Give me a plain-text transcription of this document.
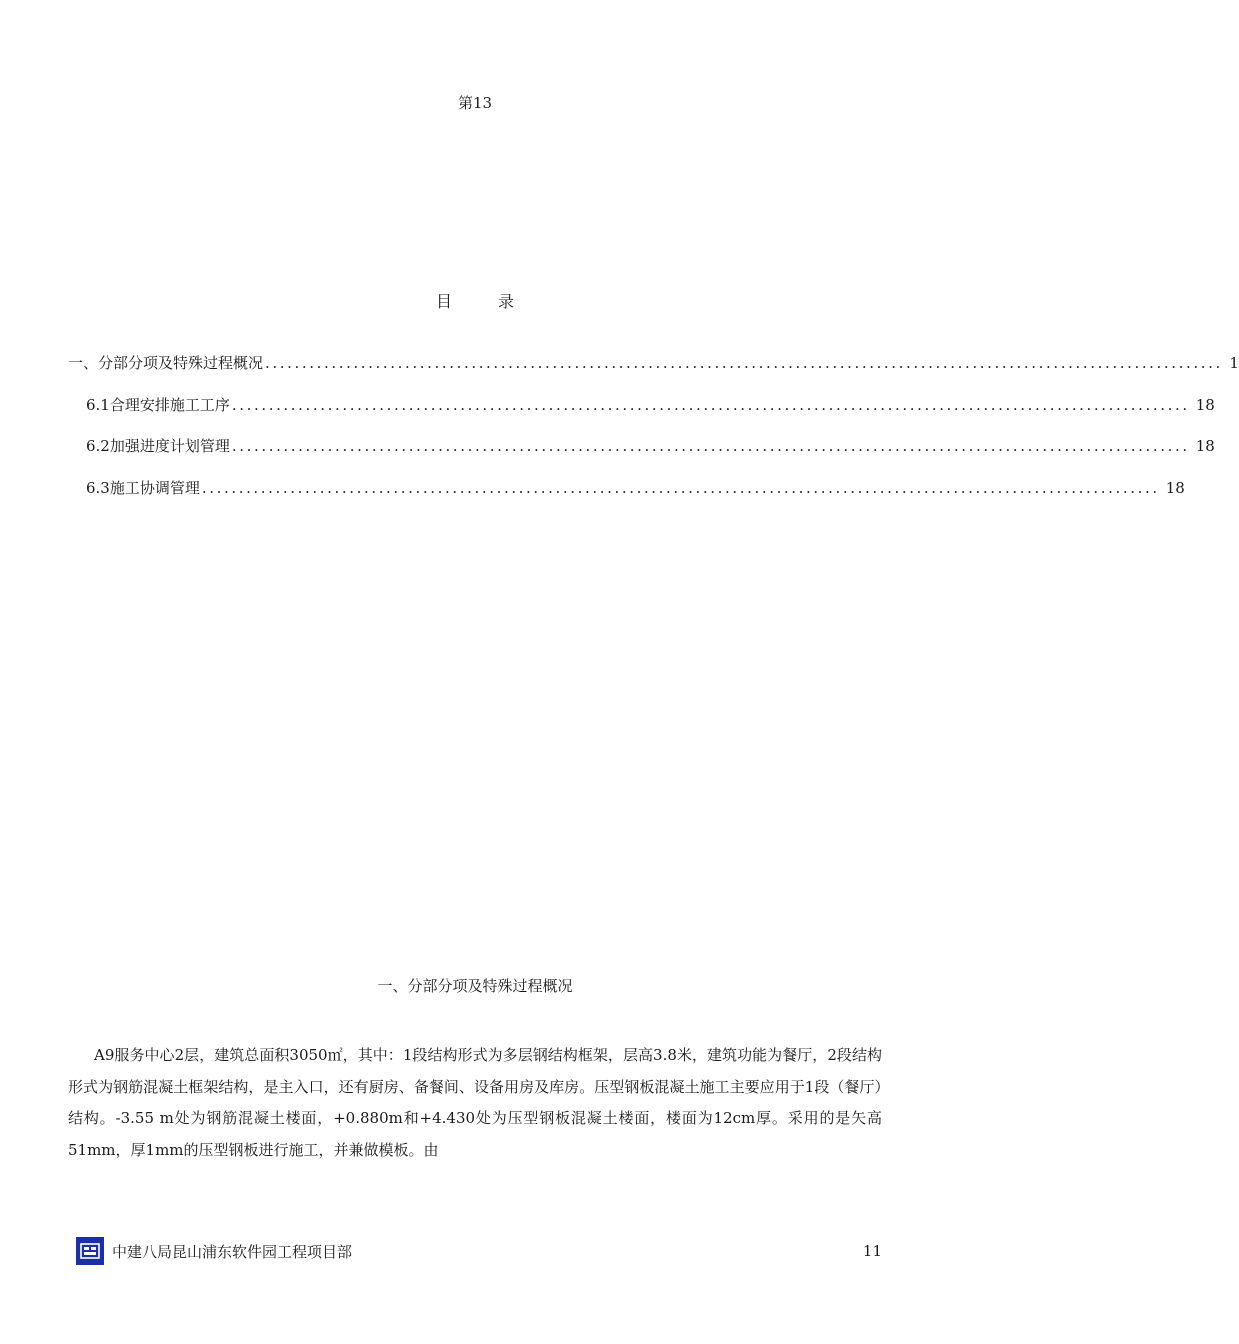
第13
目	录
一、分部分项及特殊过程概况 .................................................................................................................................. 1
6.1合理安排施工工序 .................................................................................................................................. 18
6.2加强进度计划管理 .................................................................................................................................. 18
6.3施工协调管理 .................................................................................................................................. 18
一、分部分项及特殊过程概况

A9服务中心2层，建筑总面积3050㎡，其中：1段结构形式为多层钢结构框架，层高3.8米，建筑功能为餐厅，2段结构形式为钢筋混凝土框架结构，是主入口，还有厨房、备餐间、设备用房及库房。压型钢板混凝土施工主要应用于1段（餐厅）结构。-3.55 m处为钢筋混凝土楼面，+0.880m和+4.430处为压型钢板混凝土楼面，楼面为12cm厚。采用的是矢高51mm，厚1mm的压型钢板进行施工，并兼做模板。由

中建八局昆山浦东软件园工程项目部	11
